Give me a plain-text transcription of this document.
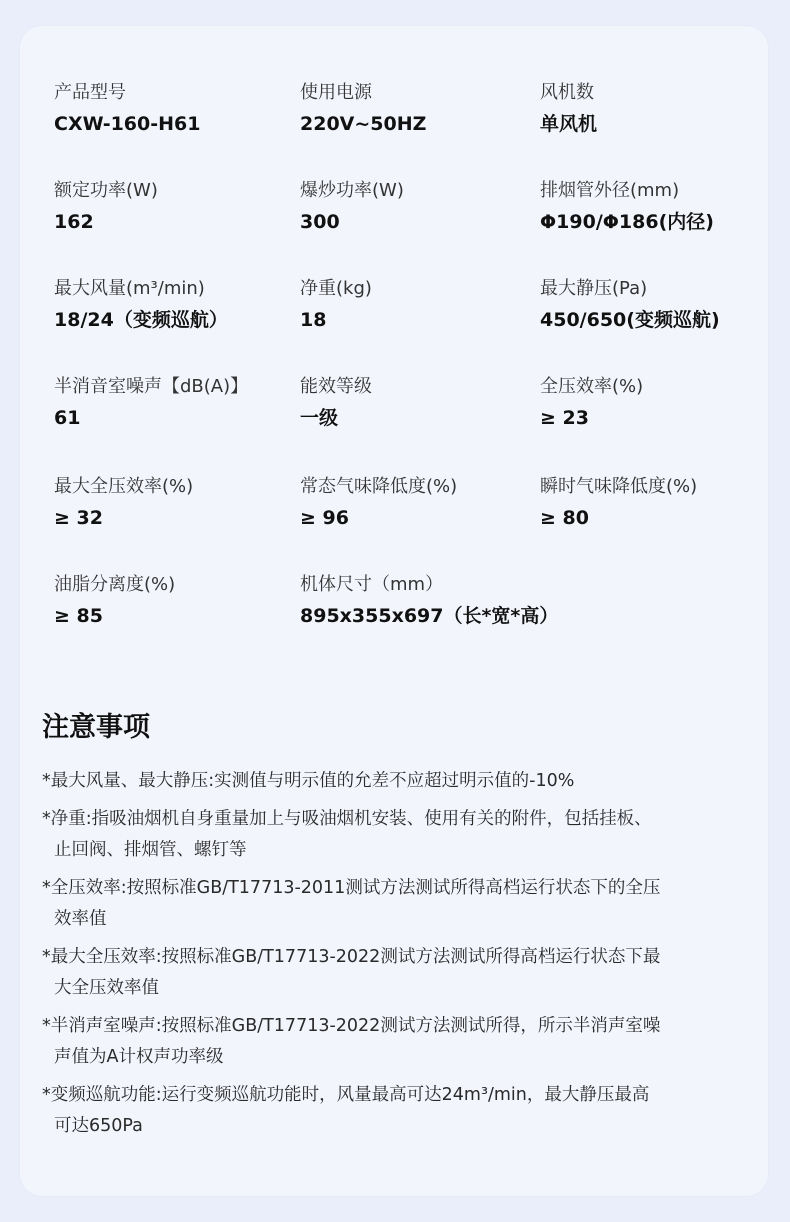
产品型号
CXW-160-H61
使用电源
220V~50HZ
风机数
单风机
额定功率(W)
162
爆炒功率(W)
300
排烟管外径(mm)
Φ190/Φ186(内径)
最大风量(m³/min)
18/24（变频巡航）
净重(kg)
18
最大静压(Pa)
450/650(变频巡航)
半消音室噪声【dB(A)】
61
能效等级
一级
全压效率(%)
≥ 23
最大全压效率(%)
≥ 32
常态气味降低度(%)
≥ 96
瞬时气味降低度(%)
≥ 80
油脂分离度(%)
≥ 85
机体尺寸（mm）
895x355x697（长*宽*高）
注意事项
*最大风量、最大静压:实测值与明示值的允差不应超过明示值的-10%
*净重:指吸油烟机自身重量加上与吸油烟机安装、使用有关的附件，包括挂板、
止回阀、排烟管、螺钉等
*全压效率:按照标准GB/T17713-2011测试方法测试所得高档运行状态下的全压
效率值
*最大全压效率:按照标准GB/T17713-2022测试方法测试所得高档运行状态下最
大全压效率值
*半消声室噪声:按照标准GB/T17713-2022测试方法测试所得，所示半消声室噪
声值为A计权声功率级
*变频巡航功能:运行变频巡航功能时，风量最高可达24m³/min，最大静压最高
可达650Pa
